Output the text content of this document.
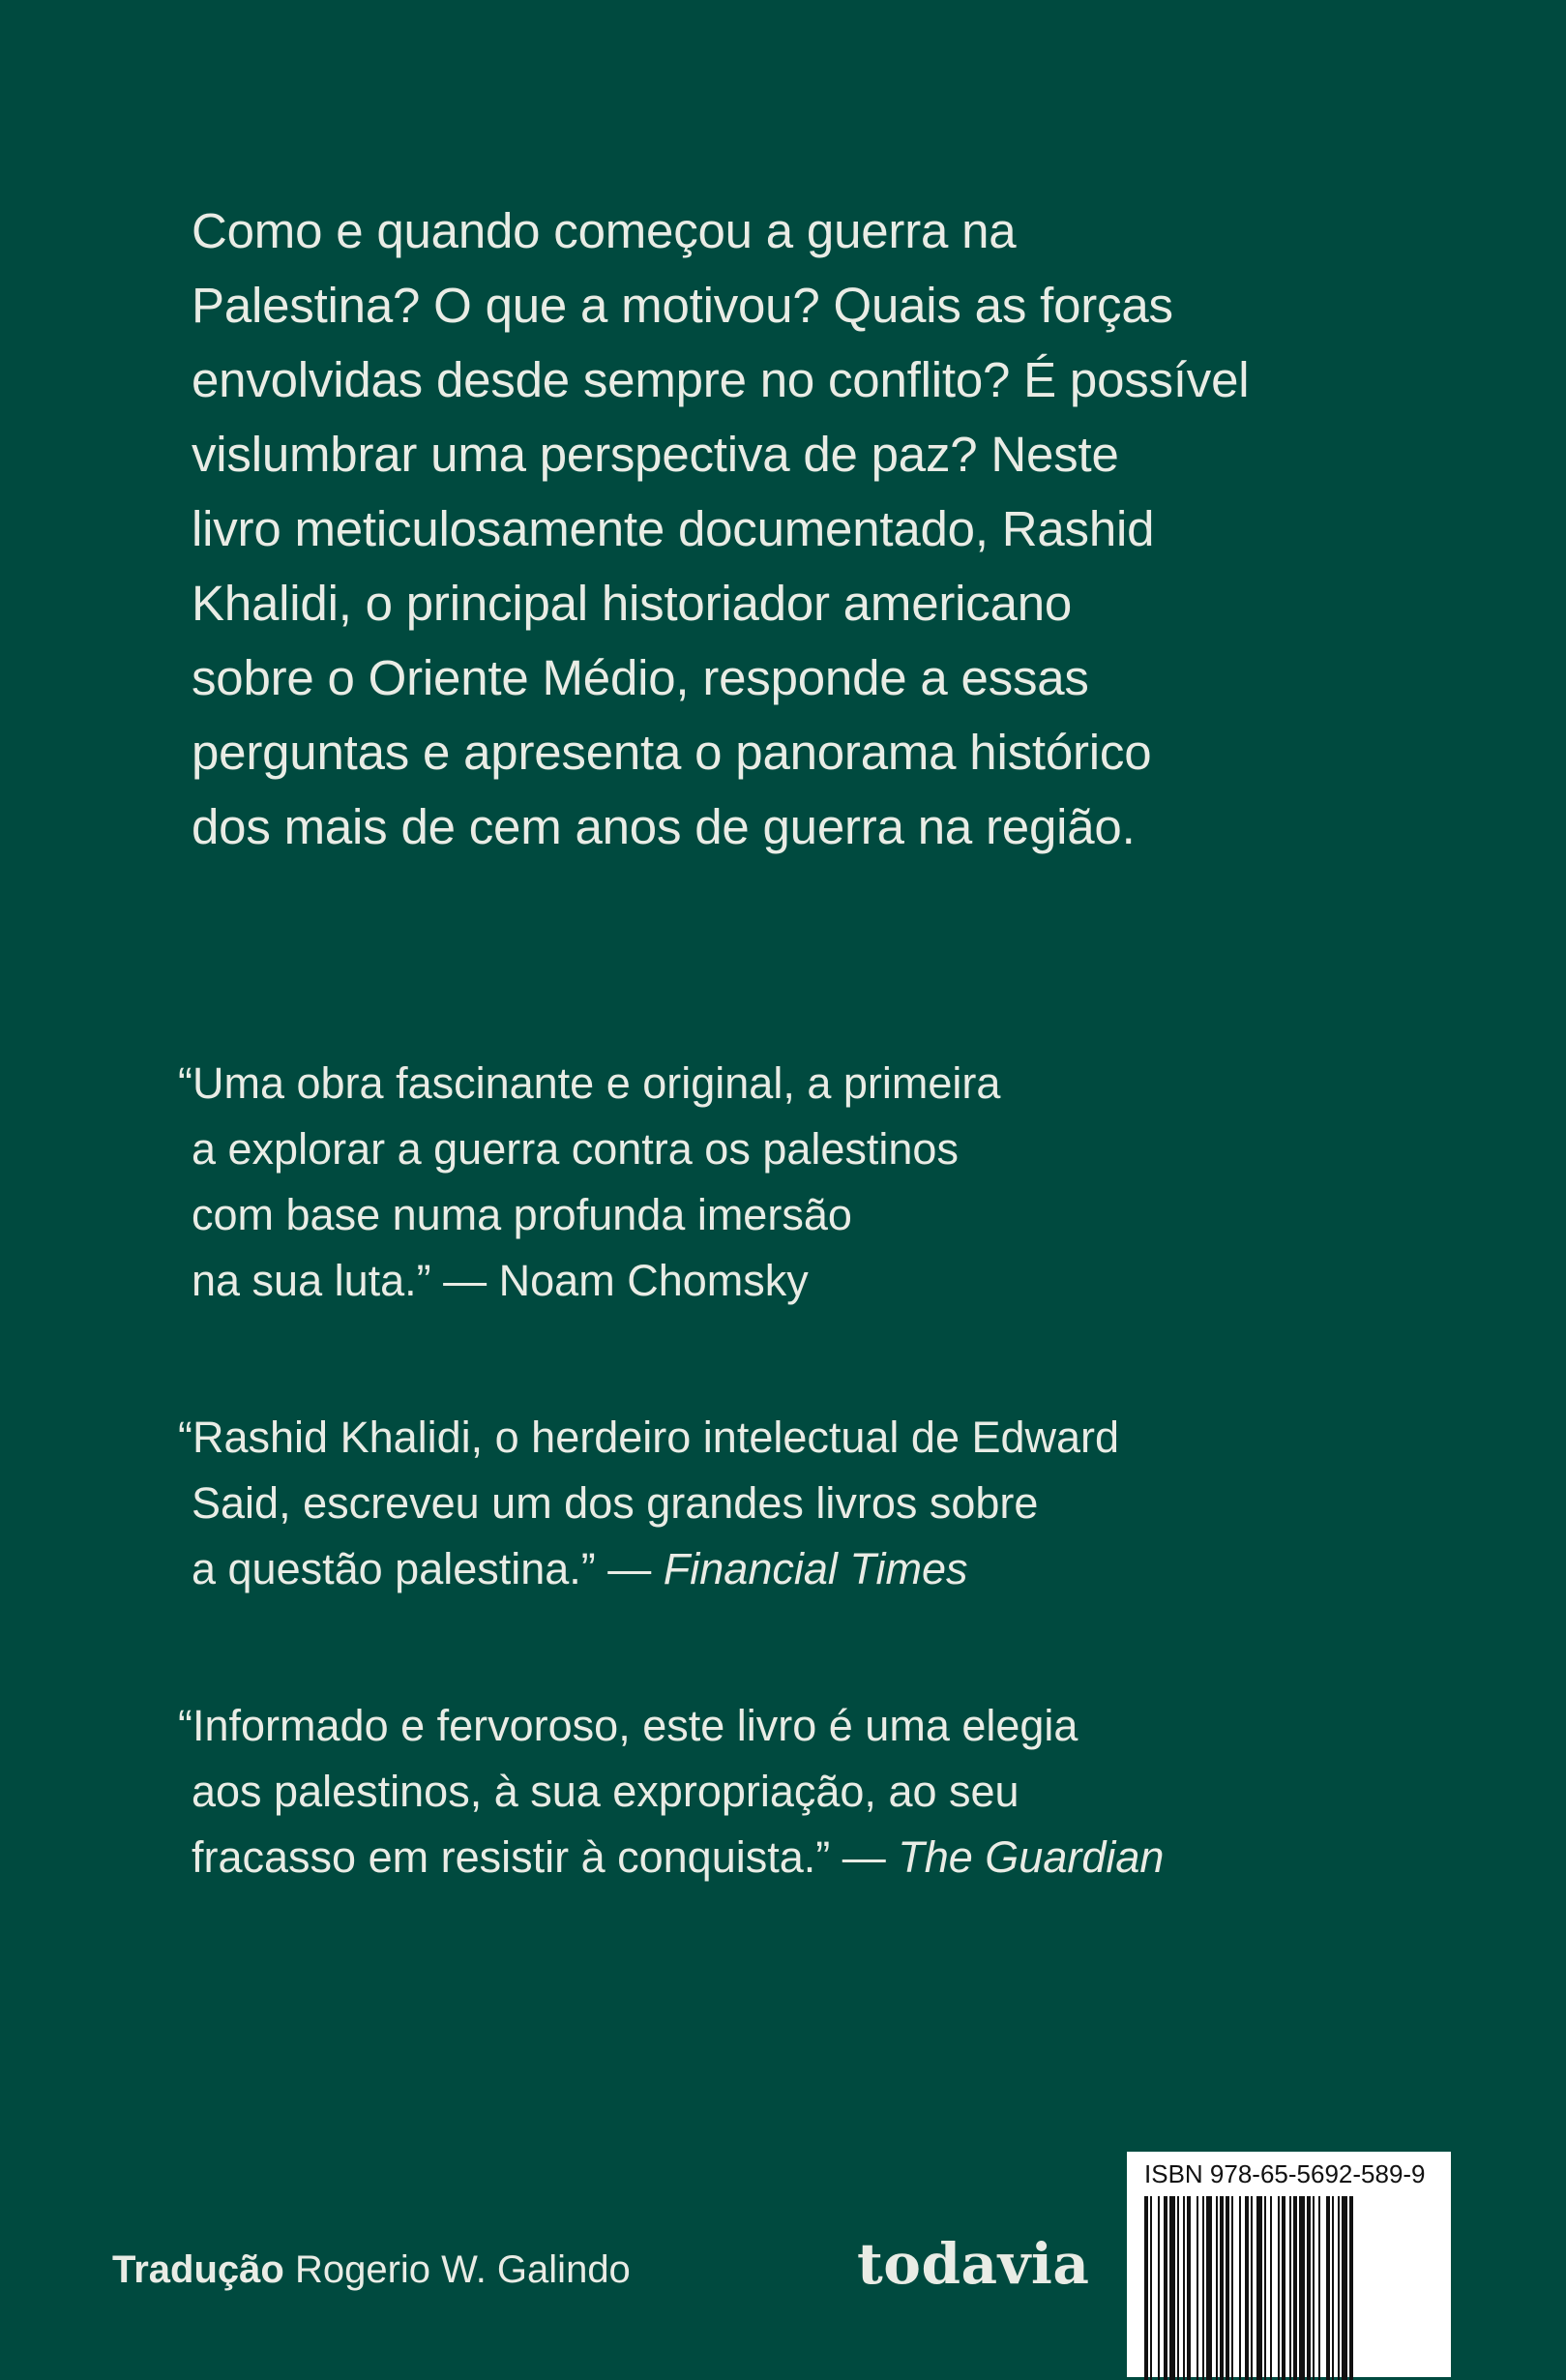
Como e quando começou a guerra na
Palestina? O que a motivou? Quais as forças
envolvidas desde sempre no conflito? É possível
vislumbrar uma perspectiva de paz? Neste
livro meticulosamente documentado, Rashid
Khalidi, o principal historiador americano
sobre o Oriente Médio, responde a essas
perguntas e apresenta o panorama histórico
dos mais de cem anos de guerra na região.
“Uma obra fascinante e original, a primeira
a explorar a guerra contra os palestinos
com base numa profunda imersão
na sua luta.” — Noam Chomsky
“Rashid Khalidi, o herdeiro intelectual de Edward
Said, escreveu um dos grandes livros sobre
a questão palestina.” — Financial Times
“Informado e fervoroso, este livro é uma elegia
aos palestinos, à sua expropriação, ao seu
fracasso em resistir à conquista.” — The Guardian
Tradução Rogerio W. Galindo	todavia
ISBN 978-65-5692-589-9
